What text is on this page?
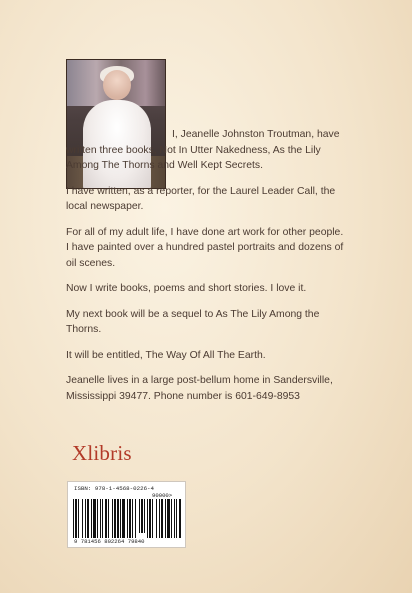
I, Jeanelle Johnston Troutman, have written three books, Not In Utter Nakedness, As the Lily Among The Thorns and Well Kept Secrets.

I have written, as a reporter, for the Laurel Leader Call, the local newspaper.

For all of my adult life, I have done art work for other people. I have painted over a hundred pastel portraits and dozens of oil scenes.

Now I write books, poems and short stories. I love it.

My next book will be a sequel to As The Lily Among the Thorns.

It will be entitled, The Way Of All The Earth.

Jeanelle lives in a large post-bellum home in Sandersville, Mississippi 39477. Phone number is 601-649-8953

Xlibris
ISBN: 978-1-4568-0226-4
90000>
9 781456 802264 79840
